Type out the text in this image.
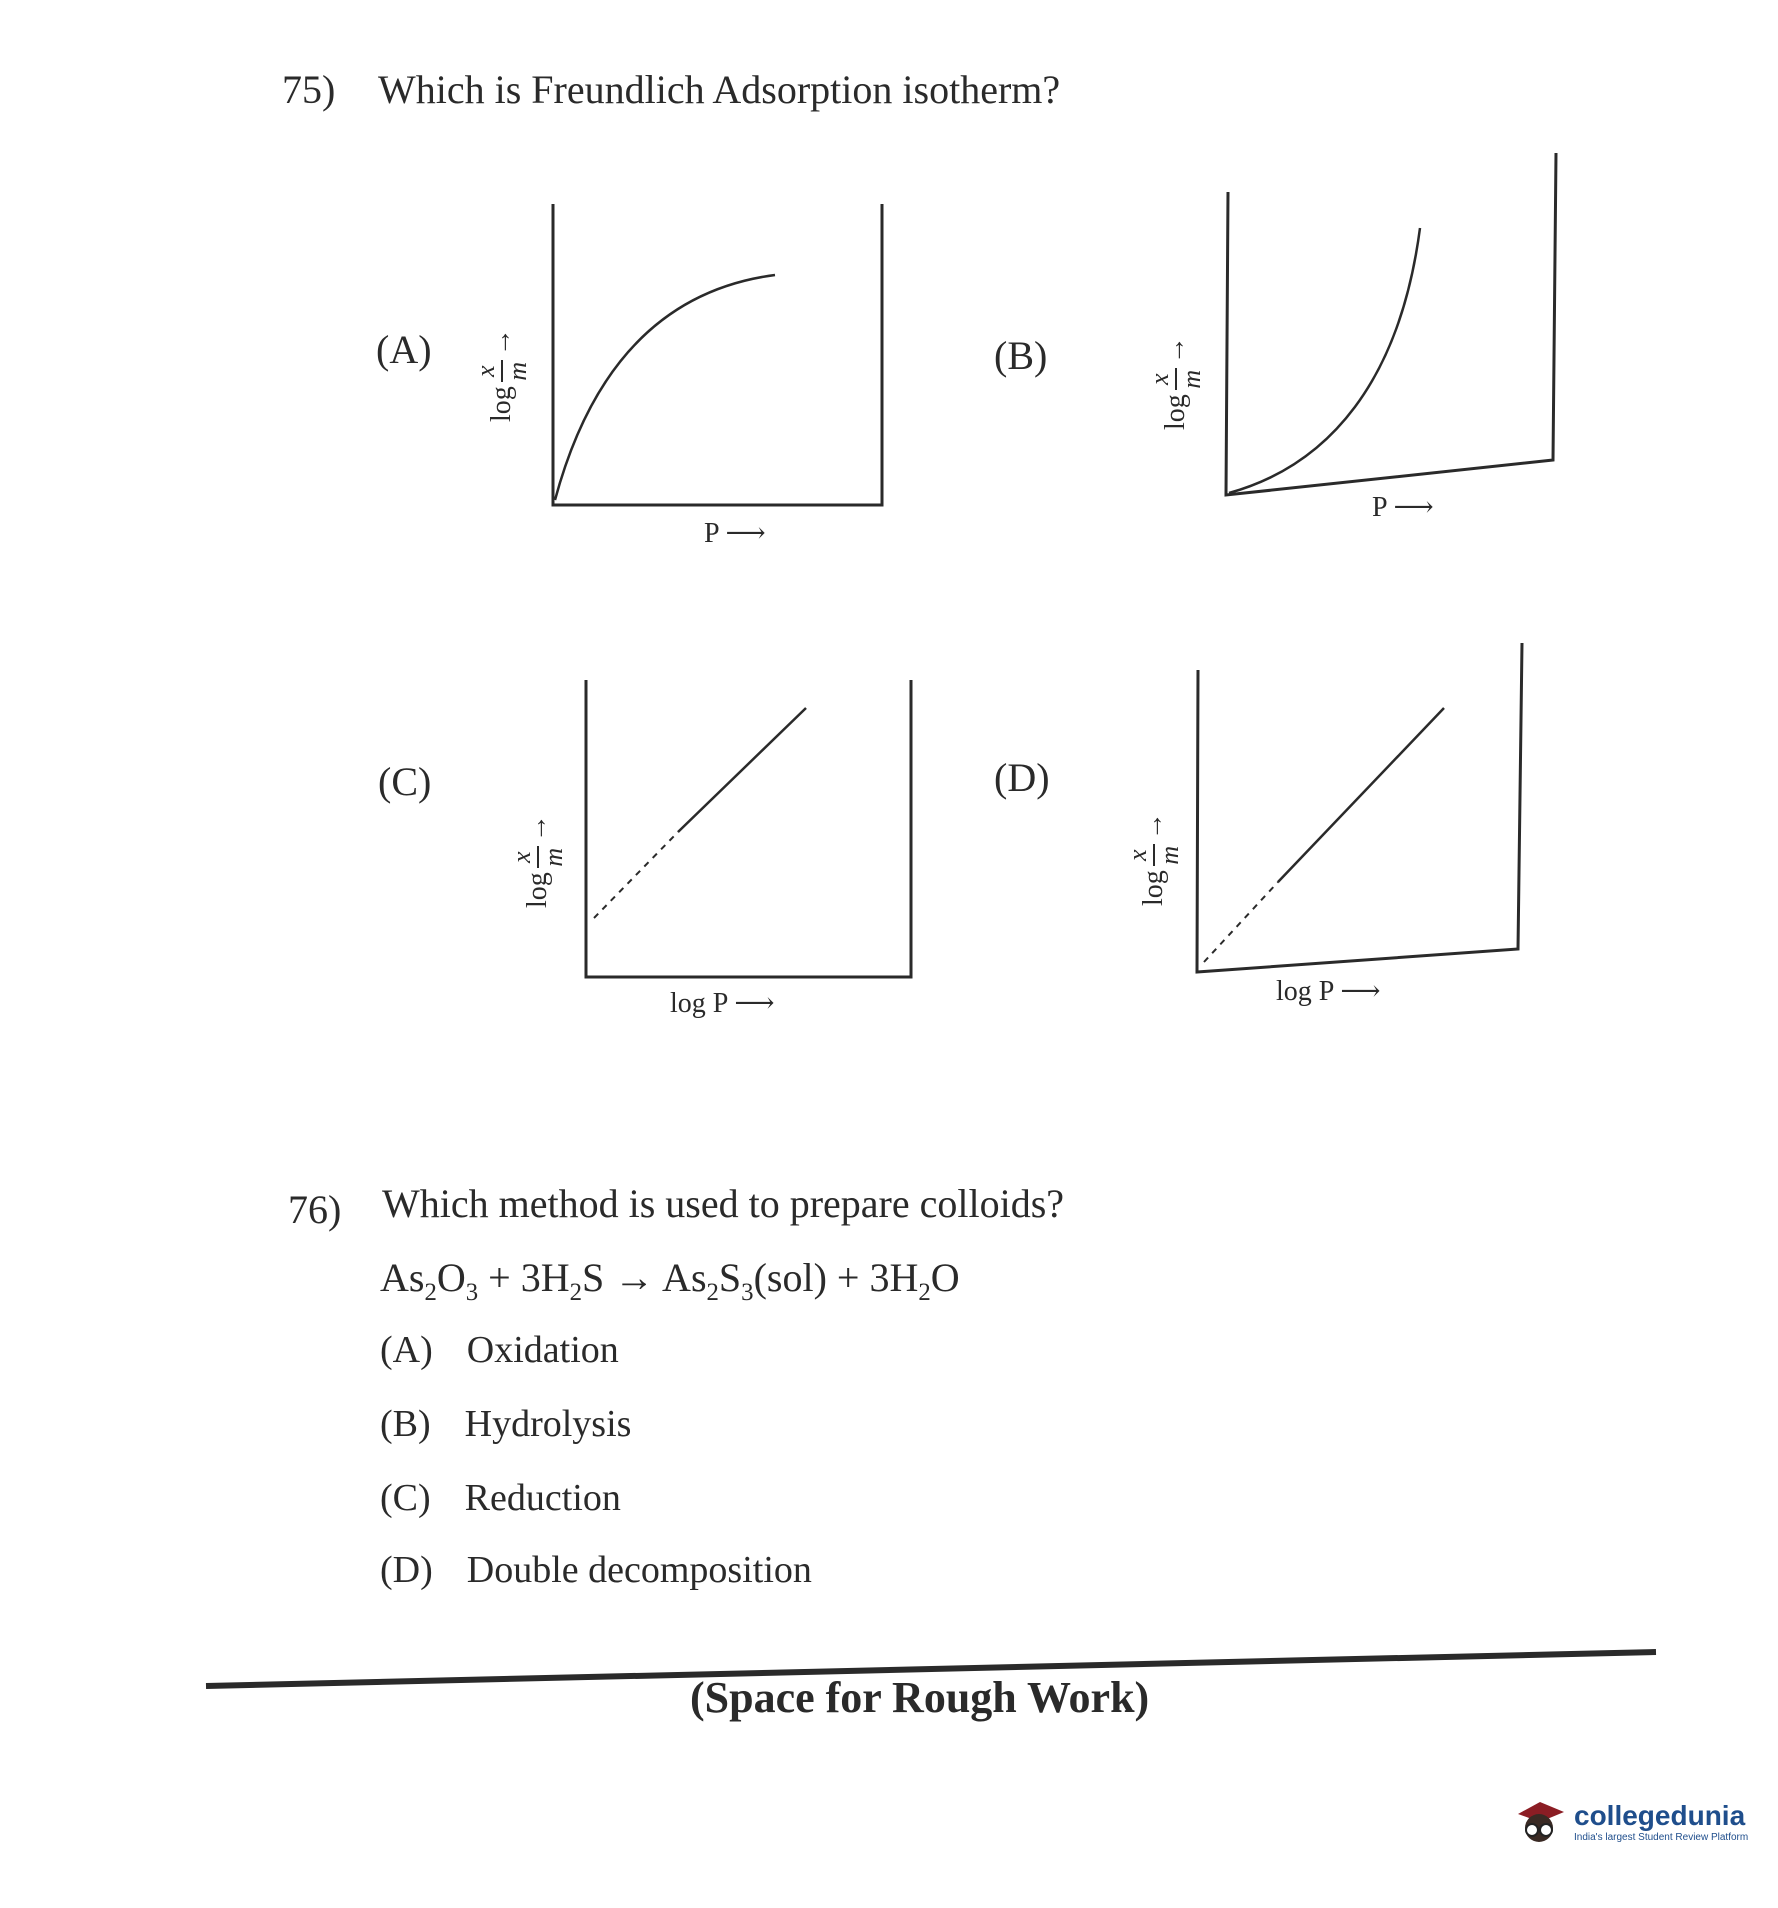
75) Which is Freundlich Adsorption isotherm?
(A)
log
x m
→
P ⟶
(B)
log
x m
→
P ⟶
(C)
log
x m
→
log P ⟶
(D)
log
x m
→
log P ⟶
76) Which method is used to prepare colloids?
$As_2O_3 + 3H_2S \to As_2S_3(sol) + 3H_2O$
(A) Oxidation
(B) Hydrolysis
(C) Reduction
(D) Double decomposition
(Space for Rough Work)
collegedunia
India's largest Student Review Platform
